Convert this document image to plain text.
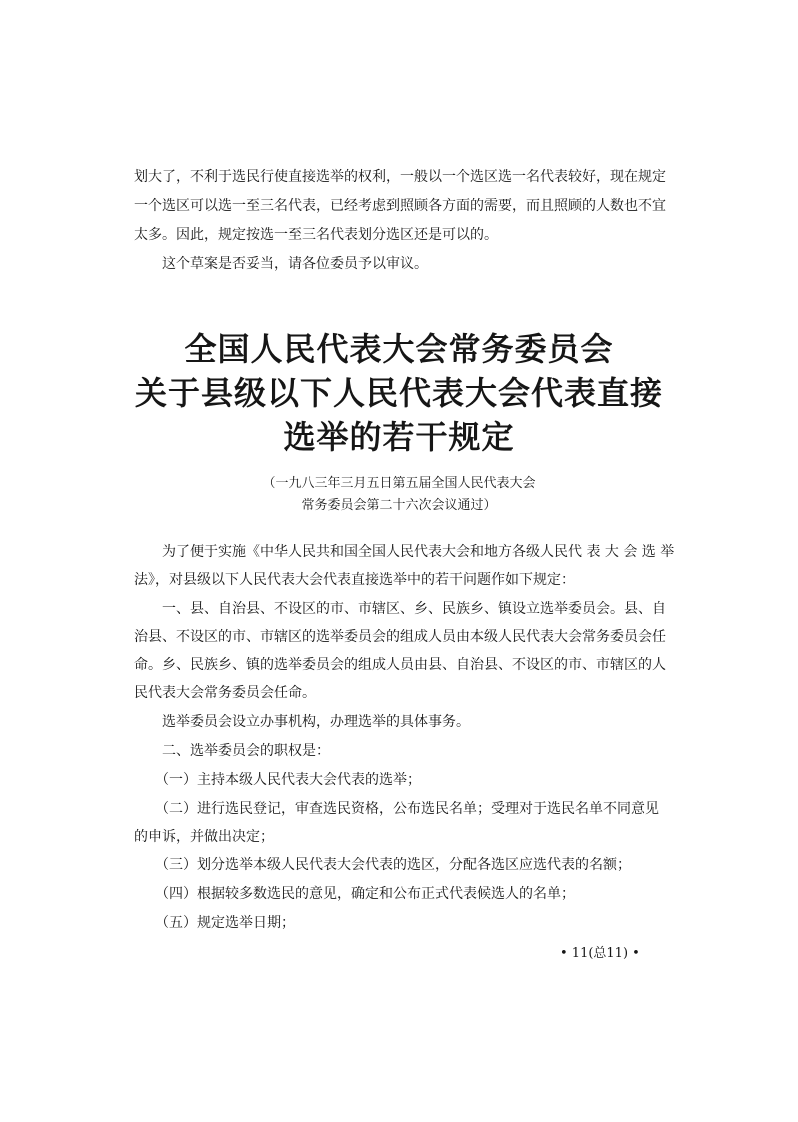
划大了，不利于选民行使直接选举的权利，一般以一个选区选一名代表较好，现在规定

一个选区可以选一至三名代表，已经考虑到照顾各方面的需要，而且照顾的人数也不宜

太多。因此，规定按选一至三名代表划分选区还是可以的。

　　这个草案是否妥当，请各位委员予以审议。

全国人民代表大会常务委员会
关于县级以下人民代表大会代表直接
选举的若干规定

（一九八三年三月五日第五届全国人民代表大会

常务委员会第二十六次会议通过）

　　为了便于实施《中华人民共和国全国人民代表大会和地方各级人民代 表 大 会 选 举

法》，对县级以下人民代表大会代表直接选举中的若干问题作如下规定：

　　一、县、自治县、不设区的市、市辖区、乡、民族乡、镇设立选举委员会。县、自

治县、不设区的市、市辖区的选举委员会的组成人员由本级人民代表大会常务委员会任

命。乡、民族乡、镇的选举委员会的组成人员由县、自治县、不设区的市、市辖区的人

民代表大会常务委员会任命。

　　选举委员会设立办事机构，办理选举的具体事务。

　　二、选举委员会的职权是：

　　（一）主持本级人民代表大会代表的选举；

　　（二）进行选民登记，审查选民资格，公布选民名单；受理对于选民名单不同意见

的申诉，并做出决定；

　　（三）划分选举本级人民代表大会代表的选区，分配各选区应选代表的名额；

　　（四）根据较多数选民的意见，确定和公布正式代表候选人的名单；

　　（五）规定选举日期；

• 11(总11) •
